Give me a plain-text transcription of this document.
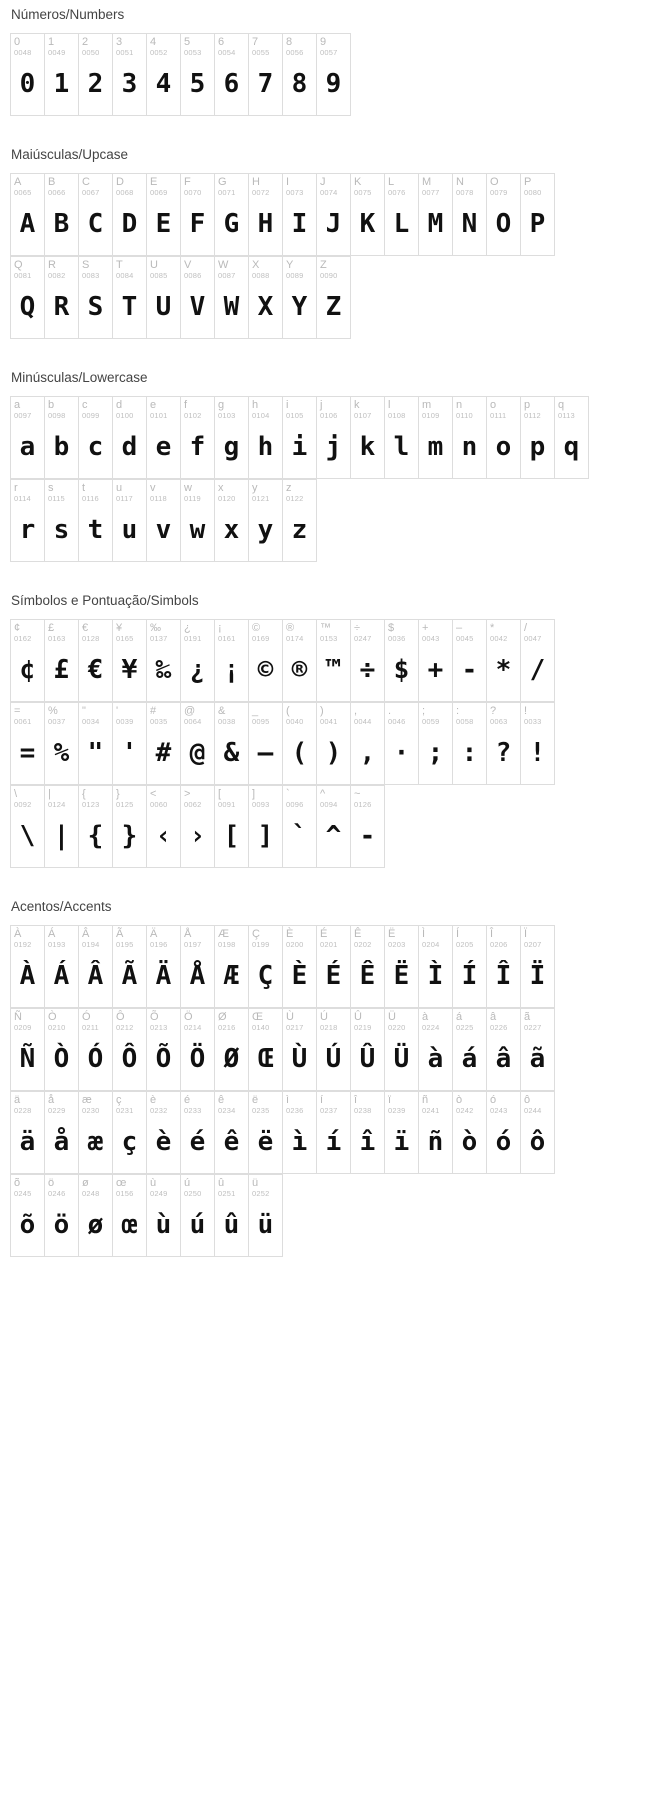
Números/Numbers
0
0048
0
1
0049
1
2
0050
2
3
0051
3
4
0052
4
5
0053
5
6
0054
6
7
0055
7
8
0056
8
9
0057
9
Maiúsculas/Upcase
A
0065
A
B
0066
B
C
0067
C
D
0068
D
E
0069
E
F
0070
F
G
0071
G
H
0072
H
I
0073
I
J
0074
J
K
0075
K
L
0076
L
M
0077
M
N
0078
N
O
0079
O
P
0080
P
Q
0081
Q
R
0082
R
S
0083
S
T
0084
T
U
0085
U
V
0086
V
W
0087
W
X
0088
X
Y
0089
Y
Z
0090
Z
Minúsculas/Lowercase
a
0097
a
b
0098
b
c
0099
c
d
0100
d
e
0101
e
f
0102
f
g
0103
g
h
0104
h
i
0105
i
j
0106
j
k
0107
k
l
0108
l
m
0109
m
n
0110
n
o
0111
o
p
0112
p
q
0113
q
r
0114
r
s
0115
s
t
0116
t
u
0117
u
v
0118
v
w
0119
w
x
0120
x
y
0121
y
z
0122
z
Símbolos e Pontuação/Simbols
¢
0162
¢
£
0163
£
€
0128
€
¥
0165
¥
‰
0137
‰
¿
0191
¿
¡
0161
¡
©
0169
©
®
0174
®
™
0153
™
÷
0247
÷
$
0036
$
+
0043
+
–
0045
-
*
0042
*
/
0047
/
=
0061
=
%
0037
%
"
0034
"
'
0039
'
#
0035
#
@
0064
@
&
0038
&
_
0095
–
(
0040
(
)
0041
)
,
0044
,
.
0046
·
;
0059
;
:
0058
:
?
0063
?
!
0033
!
\
0092
\
|
0124
|
{
0123
{
}
0125
}
<
0060
‹
>
0062
›
[
0091
[
]
0093
]
`
0096
`
^
0094
^
~
0126
-
Acentos/Accents
À
0192
À
Á
0193
Á
Â
0194
Â
Ã
0195
Ã
Ä
0196
Ä
Å
0197
Å
Æ
0198
Æ
Ç
0199
Ç
È
0200
È
É
0201
É
Ê
0202
Ê
Ë
0203
Ë
Ì
0204
Ì
Í
0205
Í
Î
0206
Î
Ï
0207
Ï
Ñ
0209
Ñ
Ò
0210
Ò
Ó
0211
Ó
Ô
0212
Ô
Õ
0213
Õ
Ö
0214
Ö
Ø
0216
Ø
Œ
0140
Œ
Ù
0217
Ù
Ú
0218
Ú
Û
0219
Û
Ü
0220
Ü
à
0224
à
á
0225
á
â
0226
â
ã
0227
ã
ä
0228
ä
å
0229
å
æ
0230
æ
ç
0231
ç
è
0232
è
é
0233
é
ê
0234
ê
ë
0235
ë
ì
0236
ì
í
0237
í
î
0238
î
ï
0239
ï
ñ
0241
ñ
ò
0242
ò
ó
0243
ó
ô
0244
ô
õ
0245
õ
ö
0246
ö
ø
0248
ø
œ
0156
œ
ù
0249
ù
ú
0250
ú
û
0251
û
ü
0252
ü
